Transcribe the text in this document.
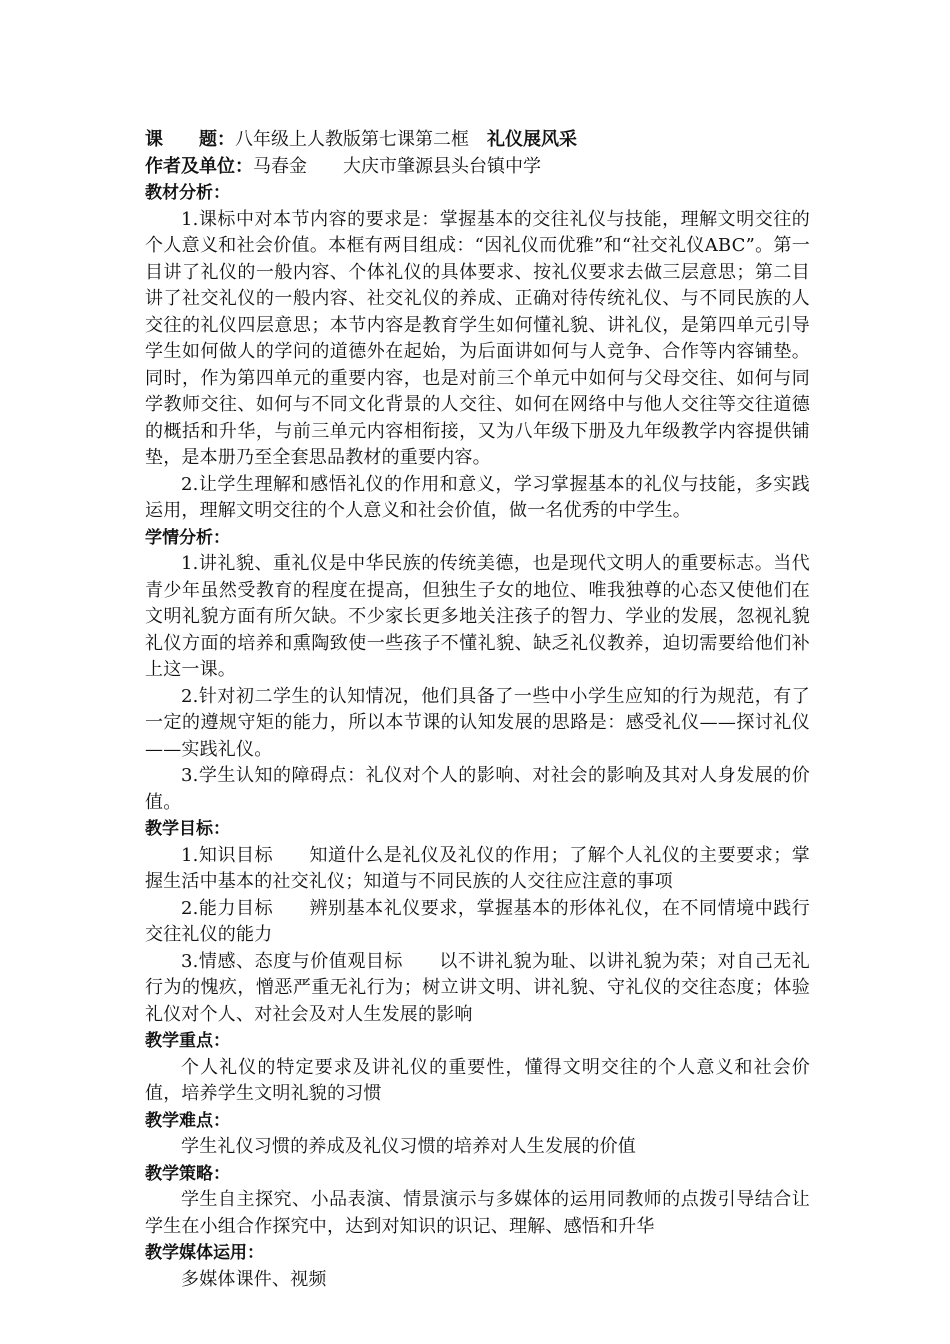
课　　题：八年级上人教版第七课第二框 礼仪展风采
作者及单位：马春金 大庆市肇源县头台镇中学
教材分析：
1.课标中对本节内容的要求是：掌握基本的交往礼仪与技能，理解文明交往的个人意义和社会价值。本框有两目组成：“因礼仪而优雅”和“社交礼仪ABC”。第一目讲了礼仪的一般内容、个体礼仪的具体要求、按礼仪要求去做三层意思；第二目讲了社交礼仪的一般内容、社交礼仪的养成、正确对待传统礼仪、与不同民族的人交往的礼仪四层意思；本节内容是教育学生如何懂礼貌、讲礼仪，是第四单元引导学生如何做人的学问的道德外在起始，为后面讲如何与人竞争、合作等内容铺垫。同时，作为第四单元的重要内容，也是对前三个单元中如何与父母交往、如何与同学教师交往、如何与不同文化背景的人交往、如何在网络中与他人交往等交往道德的概括和升华，与前三单元内容相衔接，又为八年级下册及九年级教学内容提供铺垫，是本册乃至全套思品教材的重要内容。
2.让学生理解和感悟礼仪的作用和意义，学习掌握基本的礼仪与技能，多实践运用，理解文明交往的个人意义和社会价值，做一名优秀的中学生。
学情分析：
1.讲礼貌、重礼仪是中华民族的传统美德，也是现代文明人的重要标志。当代青少年虽然受教育的程度在提高，但独生子女的地位、唯我独尊的心态又使他们在文明礼貌方面有所欠缺。不少家长更多地关注孩子的智力、学业的发展，忽视礼貌礼仪方面的培养和熏陶致使一些孩子不懂礼貌、缺乏礼仪教养，迫切需要给他们补上这一课。
2.针对初二学生的认知情况，他们具备了一些中小学生应知的行为规范，有了一定的遵规守矩的能力，所以本节课的认知发展的思路是：感受礼仪——探讨礼仪——实践礼仪。
3.学生认知的障碍点：礼仪对个人的影响、对社会的影响及其对人身发展的价值。
教学目标：
1.知识目标 知道什么是礼仪及礼仪的作用；了解个人礼仪的主要要求；掌握生活中基本的社交礼仪；知道与不同民族的人交往应注意的事项
2.能力目标 辨别基本礼仪要求，掌握基本的形体礼仪，在不同情境中践行交往礼仪的能力
3.情感、态度与价值观目标 以不讲礼貌为耻、以讲礼貌为荣；对自己无礼行为的愧疚，憎恶严重无礼行为；树立讲文明、讲礼貌、守礼仪的交往态度；体验礼仪对个人、对社会及对人生发展的影响
教学重点：
个人礼仪的特定要求及讲礼仪的重要性，懂得文明交往的个人意义和社会价值，培养学生文明礼貌的习惯
教学难点：
学生礼仪习惯的养成及礼仪习惯的培养对人生发展的价值
教学策略：
学生自主探究、小品表演、情景演示与多媒体的运用同教师的点拨引导结合让学生在小组合作探究中，达到对知识的识记、理解、感悟和升华
教学媒体运用：
多媒体课件、视频
